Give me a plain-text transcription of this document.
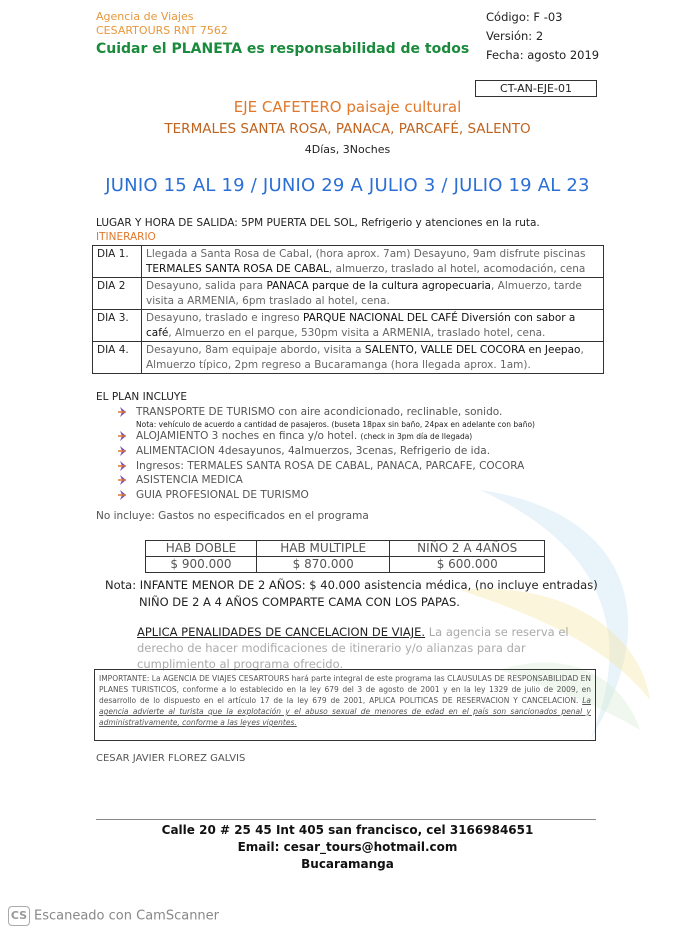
Agencia de Viajes
CESARTOURS RNT 7562
Cuidar el PLANETA es responsabilidad de todos
Código: F -03
Versión: 2
Fecha: agosto 2019
CT-AN-EJE-01
EJE CAFETERO paisaje cultural
TERMALES SANTA ROSA, PANACA, PARCAFÉ, SALENTO
4Días, 3Noches
JUNIO 15 AL 19 / JUNIO 29 A JULIO 3 / JULIO 19 AL 23
LUGAR Y HORA DE SALIDA: 5PM PUERTA DEL SOL, Refrigerio y atenciones en la ruta.
ITINERARIO
DIA 1.	Llegada a Santa Rosa de Cabal, (hora aprox. 7am) Desayuno, 9am disfrute piscinas TERMALES SANTA ROSA DE CABAL, almuerzo, traslado al hotel, acomodación, cena
DIA 2	Desayuno, salida para PANACA parque de la cultura agropecuaria, Almuerzo, tarde visita a ARMENIA, 6pm traslado al hotel, cena.
DIA 3.	Desayuno, traslado e ingreso PARQUE NACIONAL DEL CAFÉ Diversión con sabor a café, Almuerzo en el parque, 530pm visita a ARMENIA, traslado hotel, cena.
DIA 4.	Desayuno, 8am equipaje abordo, visita a SALENTO, VALLE DEL COCORA en Jeepao, Almuerzo típico, 2pm regreso a Bucaramanga (hora llegada aprox. 1am).
EL PLAN INCLUYE
TRANSPORTE DE TURISMO con aire acondicionado, reclinable, sonido.
Nota: vehículo de acuerdo a cantidad de pasajeros. (buseta 18pax sin baño, 24pax en adelante con baño)
ALOJAMIENTO 3 noches en finca y/o hotel. (check in 3pm día de llegada)
ALIMENTACION 4desayunos, 4almuerzos, 3cenas, Refrigerio de ida.
Ingresos: TERMALES SANTA ROSA DE CABAL, PANACA, PARCAFE, COCORA
ASISTENCIA MEDICA
GUIA PROFESIONAL DE TURISMO
No incluye: Gastos no especificados en el programa
HAB DOBLE	HAB MULTIPLE	NIÑO 2 A 4AÑOS
$ 900.000	$ 870.000	$ 600.000
Nota: INFANTE MENOR DE 2 AÑOS: $ 40.000 asistencia médica, (no incluye entradas)
NIÑO DE 2 A 4 AÑOS COMPARTE CAMA CON LOS PAPAS.
APLICA PENALIDADES DE CANCELACION DE VIAJE. La agencia se reserva el derecho de hacer modificaciones de itinerario y/o alianzas para dar cumplimiento al programa ofrecido.
IMPORTANTE: La AGENCIA DE VIAJES CESARTOURS hará parte integral de este programa las CLAUSULAS DE RESPONSABILIDAD EN PLANES TURISTICOS, conforme a lo establecido en la ley 679 del 3 de agosto de 2001 y en la ley 1329 de julio de 2009, en desarrollo de lo dispuesto en el artículo 17 de la ley 679 de 2001, APLICA POLITICAS DE RESERVACION Y CANCELACION. La agencia advierte al turista que la explotación y el abuso sexual de menores de edad en el país son sancionados penal y administrativamente, conforme a las leyes vigentes.
CESAR JAVIER FLOREZ GALVIS
Calle 20 # 25 45 Int 405 san francisco, cel 3166984651
Email: cesar_tours@hotmail.com
Bucaramanga
CS Escaneado con CamScanner
